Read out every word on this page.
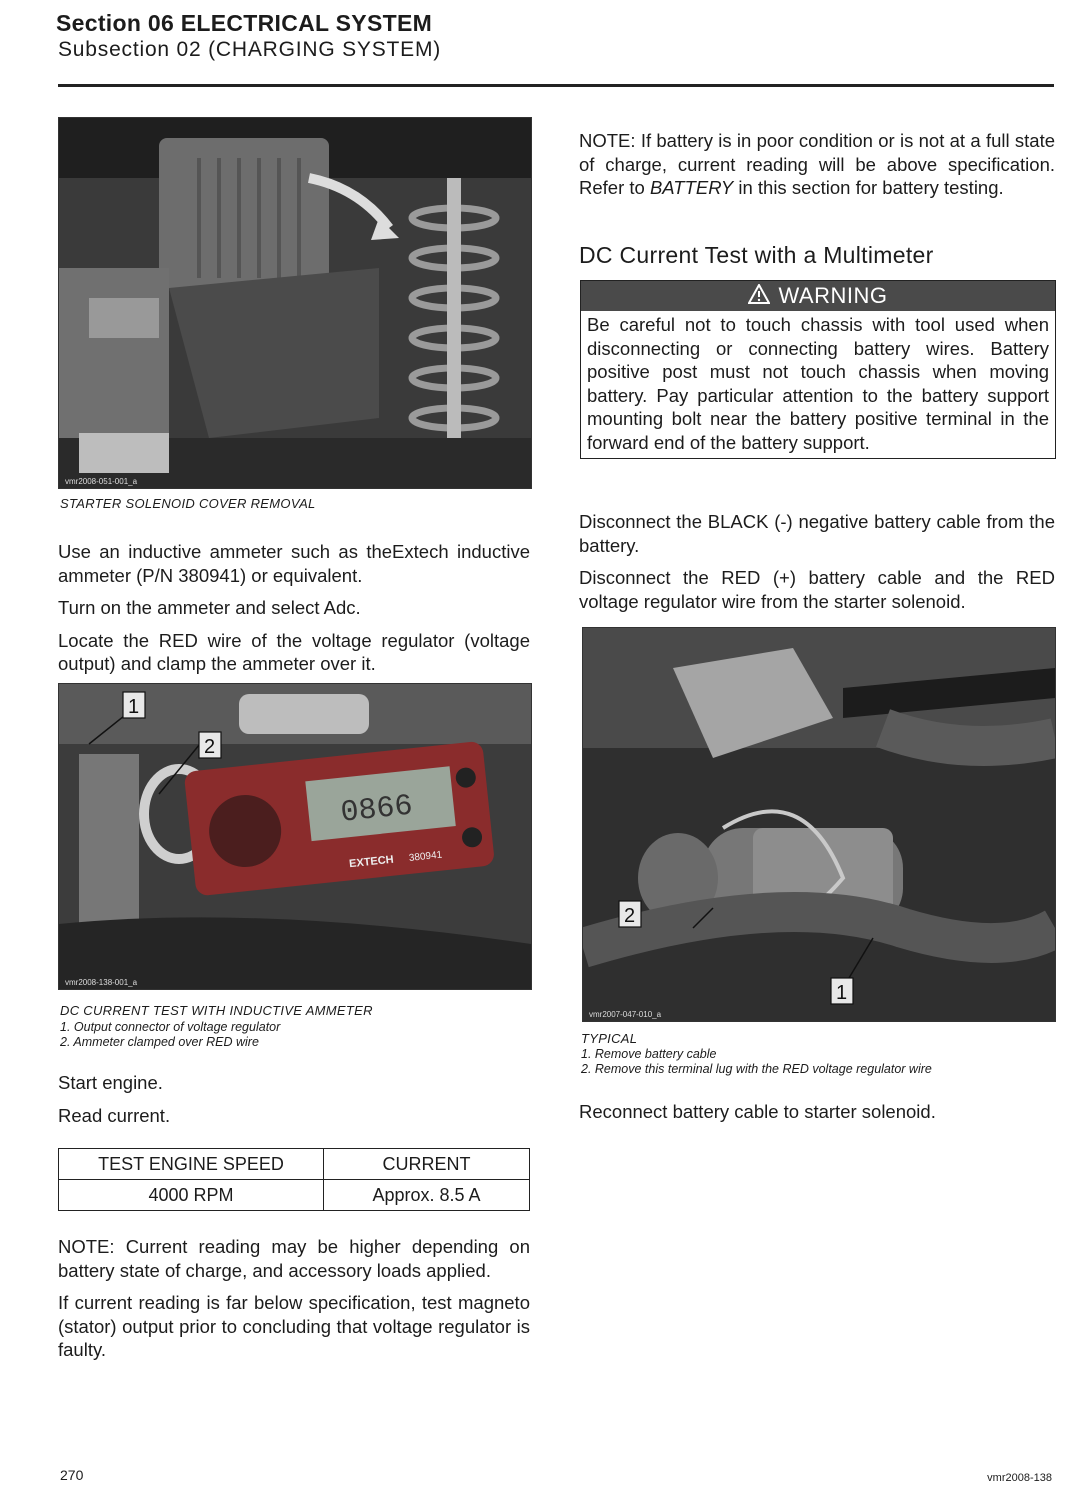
Section 06 ELECTRICAL SYSTEM
Subsection 02 (CHARGING SYSTEM)
vmr2008-051-001_a
STARTER SOLENOID COVER REMOVAL

Use an inductive ammeter such as theExtech inductive ammeter (P/N 380941) or equivalent.

Turn on the ammeter and select Adc.

Locate the RED wire of the voltage regulator (voltage output) and clamp the ammeter over it.

0866
EXTECH 380941
1
2
vmr2008-138-001_a
DC CURRENT TEST WITH INDUCTIVE AMMETER
1. Output connector of voltage regulator
2. Ammeter clamped over RED wire

Start engine.

Read current.

TEST ENGINE SPEED	CURRENT
4000 RPM	Approx. 8.5 A

NOTE: Current reading may be higher depending on battery state of charge, and accessory loads applied.

If current reading is far below specification, test magneto (stator) output prior to concluding that voltage regulator is faulty.

NOTE: If battery is in poor condition or is not at a full state of charge, current reading will be above specification. Refer to BATTERY in this section for battery testing.

DC Current Test with a Multimeter
WARNING
Be careful not to touch chassis with tool used when disconnecting or connecting battery wires. Battery positive post must not touch chassis when moving battery. Pay particular attention to the battery support mounting bolt near the battery positive terminal in the forward end of the battery support.

Disconnect the BLACK (-) negative battery cable from the battery.

Disconnect the RED (+) battery cable and the RED voltage regulator wire from the starter solenoid.

2
1
vmr2007-047-010_a
TYPICAL
1. Remove battery cable
2. Remove this terminal lug with the RED voltage regulator wire

Reconnect battery cable to starter solenoid.

270	vmr2008-138
